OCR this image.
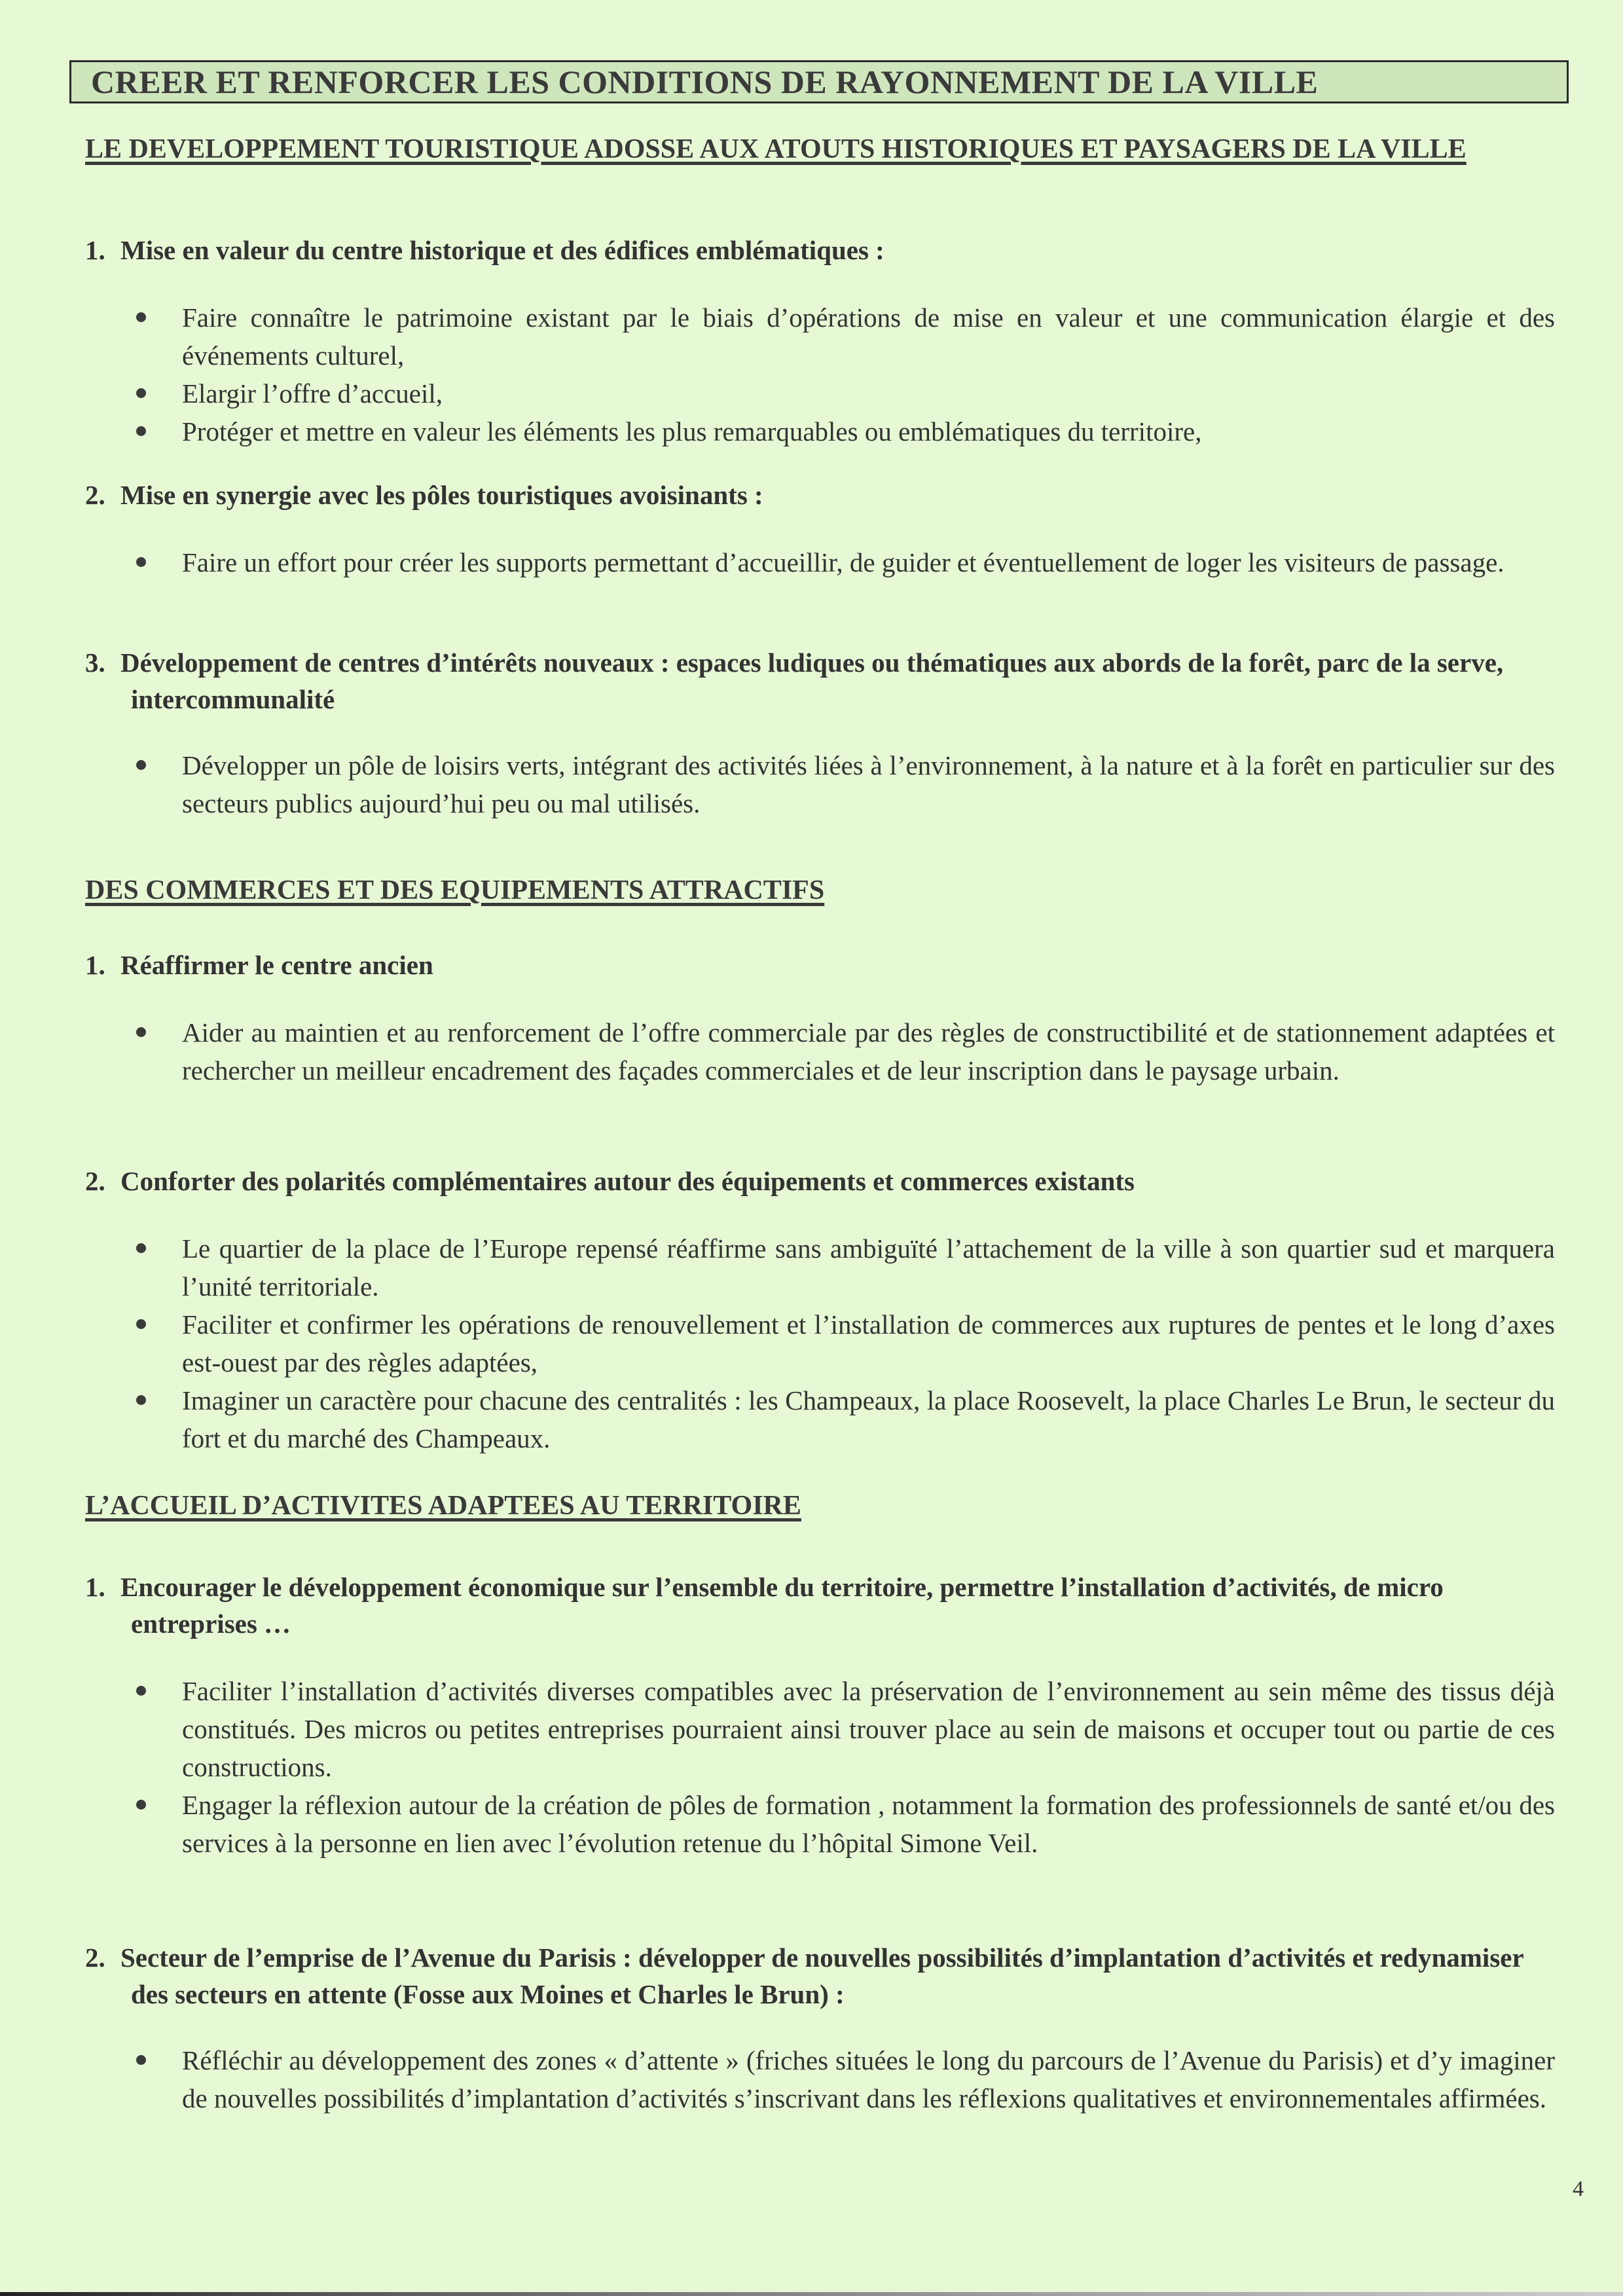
CREER ET RENFORCER LES CONDITIONS DE RAYONNEMENT DE LA VILLE
LE DEVELOPPEMENT TOURISTIQUE ADOSSE AUX ATOUTS HISTORIQUES ET PAYSAGERS DE LA VILLE

1. Mise en valeur du centre historique et des édifices emblématiques :

Faire connaître le patrimoine existant par le biais d’opérations de mise en valeur et une communication élargie et des événements culturel,
Elargir l’offre d’accueil,
Protéger et mettre en valeur les éléments les plus remarquables ou emblématiques du territoire,

2. Mise en synergie avec les pôles touristiques avoisinants :

Faire un effort pour créer les supports permettant d’accueillir, de guider et éventuellement de loger les visiteurs de passage.

3. Développement de centres d’intérêts nouveaux : espaces ludiques ou thématiques aux abords de la forêt, parc de la serve, intercommunalité

Développer un pôle de loisirs verts, intégrant des activités liées à l’environnement, à la nature et à la forêt en particulier sur des secteurs publics aujourd’hui peu ou mal utilisés.
DES COMMERCES ET DES EQUIPEMENTS ATTRACTIFS

1. Réaffirmer le centre ancien

Aider au maintien et au renforcement de l’offre commerciale par des règles de constructibilité et de stationnement adaptées et rechercher un meilleur encadrement des façades commerciales et de leur inscription dans le paysage urbain.

2. Conforter des polarités complémentaires autour des équipements et commerces existants

Le quartier de la place de l’Europe repensé réaffirme sans ambiguïté l’attachement de la ville à son quartier sud et marquera l’unité territoriale.
Faciliter et confirmer les opérations de renouvellement et l’installation de commerces aux ruptures de pentes et le long d’axes est-ouest par des règles adaptées,
Imaginer un caractère pour chacune des centralités : les Champeaux, la place Roosevelt, la place Charles Le Brun, le secteur du fort et du marché des Champeaux.
L’ACCUEIL D’ACTIVITES ADAPTEES AU TERRITOIRE

1. Encourager le développement économique sur l’ensemble du territoire, permettre l’installation d’activités, de micro entreprises …

Faciliter l’installation d’activités diverses compatibles avec la préservation de l’environnement au sein même des tissus déjà constitués. Des micros ou petites entreprises pourraient ainsi trouver place au sein de maisons et occuper tout ou partie de ces constructions.
Engager la réflexion autour de la création de pôles de formation , notamment la formation des professionnels de santé et/ou des services à la personne en lien avec l’évolution retenue du l’hôpital Simone Veil.

2. Secteur de l’emprise de l’Avenue du Parisis : développer de nouvelles possibilités d’implantation d’activités et redynamiser des secteurs en attente (Fosse aux Moines et Charles le Brun) :

Réfléchir au développement des zones « d’attente » (friches situées le long du parcours de l’Avenue du Parisis) et d’y imaginer de nouvelles possibilités d’implantation d’activités s’inscrivant dans les réflexions qualitatives et environnementales affirmées.
4
